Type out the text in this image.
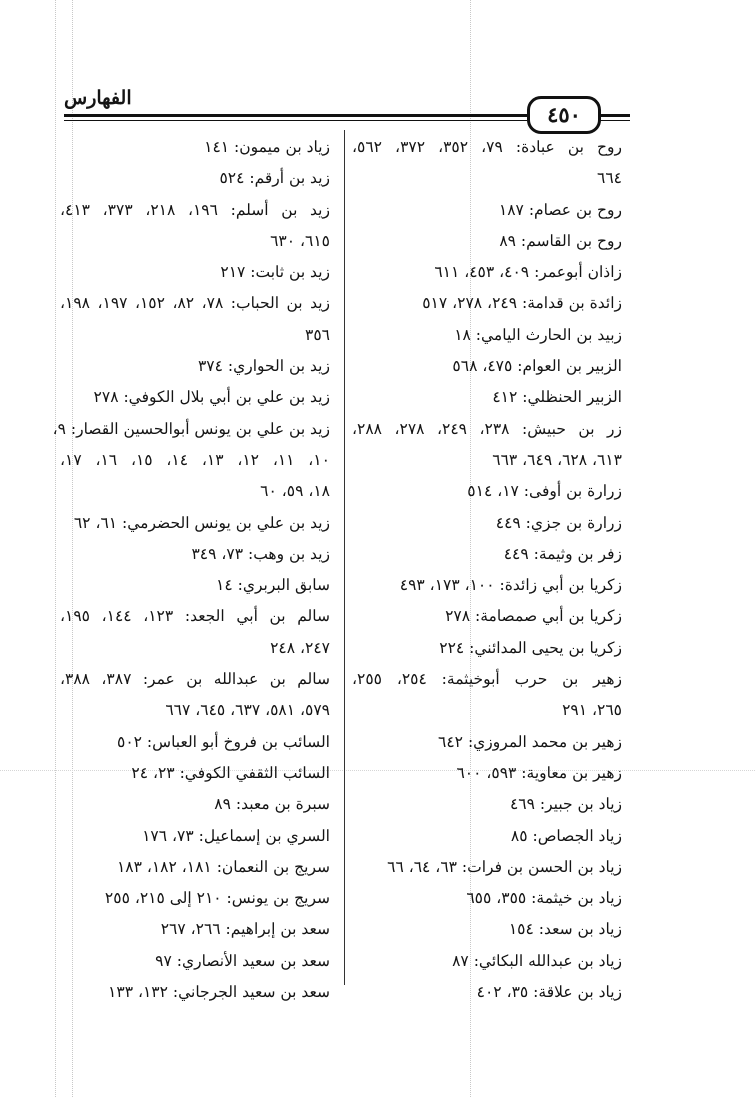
الفهارس
٤٥٠
روح بن عبادة: ٧٩، ٣٥٢، ٣٧٢، ٥٦٢،
٦٦٤
روح بن عصام: ١٨٧
روح بن القاسم: ٨٩
زاذان أبوعمر: ٤٠٩، ٤٥٣، ٦١١
زائدة بن قدامة: ٢٤٩، ٢٧٨، ٥١٧
زبيد بن الحارث اليامي: ١٨
الزبير بن العوام: ٤٧٥، ٥٦٨
الزبير الحنظلي: ٤١٢
زر بن حبيش: ٢٣٨، ٢٤٩، ٢٧٨، ٢٨٨،
٦١٣، ٦٢٨، ٦٤٩، ٦٦٣
زرارة بن أوفى: ١٧، ٥١٤
زرارة بن جزي: ٤٤٩
زفر بن وثيمة: ٤٤٩
زكريا بن أبي زائدة: ١٠٠، ١٧٣، ٤٩٣
زكريا بن أبي صمصامة: ٢٧٨
زكريا بن يحيى المدائني: ٢٢٤
زهير بن حرب أبوخيثمة: ٢٥٤، ٢٥٥،
٢٦٥، ٢٩١
زهير بن محمد المروزي: ٦٤٢
زهير بن معاوية: ٥٩٣، ٦٠٠
زياد بن جبير: ٤٦٩
زياد الجصاص: ٨٥
زياد بن الحسن بن فرات: ٦٣، ٦٤، ٦٦
زياد بن خيثمة: ٣٥٥، ٦٥٥
زياد بن سعد: ١٥٤
زياد بن عبدالله البكائي: ٨٧
زياد بن علاقة: ٣٥، ٤٠٢
زياد بن ميمون: ١٤١
زيد بن أرقم: ٥٢٤
زيد بن أسلم: ١٩٦، ٢١٨، ٣٧٣، ٤١٣،
٦١٥، ٦٣٠
زيد بن ثابت: ٢١٧
زيد بن الحباب: ٧٨، ٨٢، ١٥٢، ١٩٧، ١٩٨،
٣٥٦
زيد بن الحواري: ٣٧٤
زيد بن علي بن أبي بلال الكوفي: ٢٧٨
زيد بن علي بن يونس أبوالحسين القصار: ٩،
١٠، ١١، ١٢، ١٣، ١٤، ١٥، ١٦، ١٧،
١٨، ٥٩، ٦٠
زيد بن علي بن يونس الحضرمي: ٦١، ٦٢
زيد بن وهب: ٧٣، ٣٤٩
سابق البربري: ١٤
سالم بن أبي الجعد: ١٢٣، ١٤٤، ١٩٥،
٢٤٧، ٢٤٨
سالم بن عبدالله بن عمر: ٣٨٧، ٣٨٨،
٥٧٩، ٥٨١، ٦٣٧، ٦٤٥، ٦٦٧
السائب بن فروخ أبو العباس: ٥٠٢
السائب الثقفي الكوفي: ٢٣، ٢٤
سبرة بن معبد: ٨٩
السري بن إسماعيل: ٧٣، ١٧٦
سريج بن النعمان: ١٨١، ١٨٢، ١٨٣
سريج بن يونس: ٢١٠ إلى ٢١٥، ٢٥٥
سعد بن إبراهيم: ٢٦٦، ٢٦٧
سعد بن سعيد الأنصاري: ٩٧
سعد بن سعيد الجرجاني: ١٣٢، ١٣٣
